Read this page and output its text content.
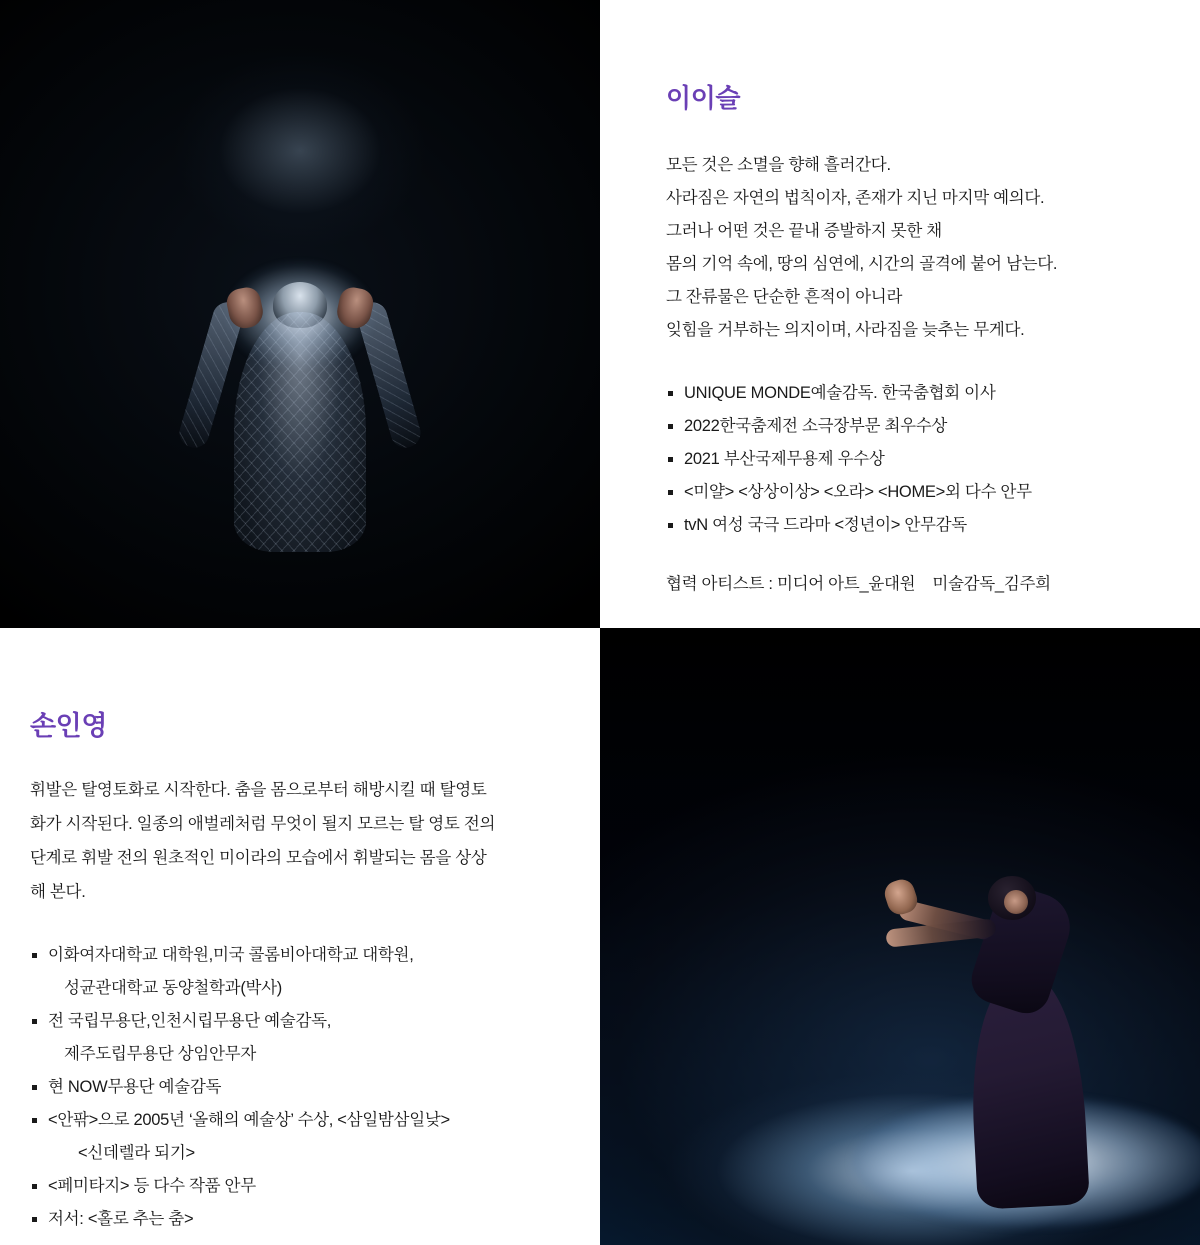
이이슬

모든 것은 소멸을 향해 흘러간다.

사라짐은 자연의 법칙이자, 존재가 지닌 마지막 예의다.

그러나 어떤 것은 끝내 증발하지 못한 채

몸의 기억 속에, 땅의 심연에, 시간의 골격에 붙어 남는다.

그 잔류물은 단순한 흔적이 아니라

잊힘을 거부하는 의지이며, 사라짐을 늦추는 무게다.

UNIQUE MONDE예술감독. 한국춤협회 이사
2022한국춤제전 소극장부문 최우수상
2021 부산국제무용제 우수상
<미얄> <상상이상> <오라> <HOME>외 다수 안무
tvN 여성 국극 드라마 <정년이> 안무감독
협력 아티스트 : 미디어 아트_윤대원    미술감독_김주희
손인영

휘발은 탈영토화로 시작한다. 춤을 몸으로부터 해방시킬 때 탈영토

화가 시작된다. 일종의 애벌레처럼 무엇이 될지 모르는 탈 영토 전의

단계로 휘발 전의 원초적인 미이라의 모습에서 휘발되는 몸을 상상

해 본다.

이화여자대학교 대학원,미국 콜롬비아대학교 대학원,
성균관대학교 동양철학과(박사)
전 국립무용단,인천시립무용단 예술감독,
제주도립무용단 상임안무자
현 NOW무용단 예술감독
<안팎>으로 2005년 ‘올해의 예술상’ 수상, <삼일밤삼일낮>
<신데렐라 되기>
<페미타지> 등 다수 작품 안무
저서: <홀로 추는 춤>
